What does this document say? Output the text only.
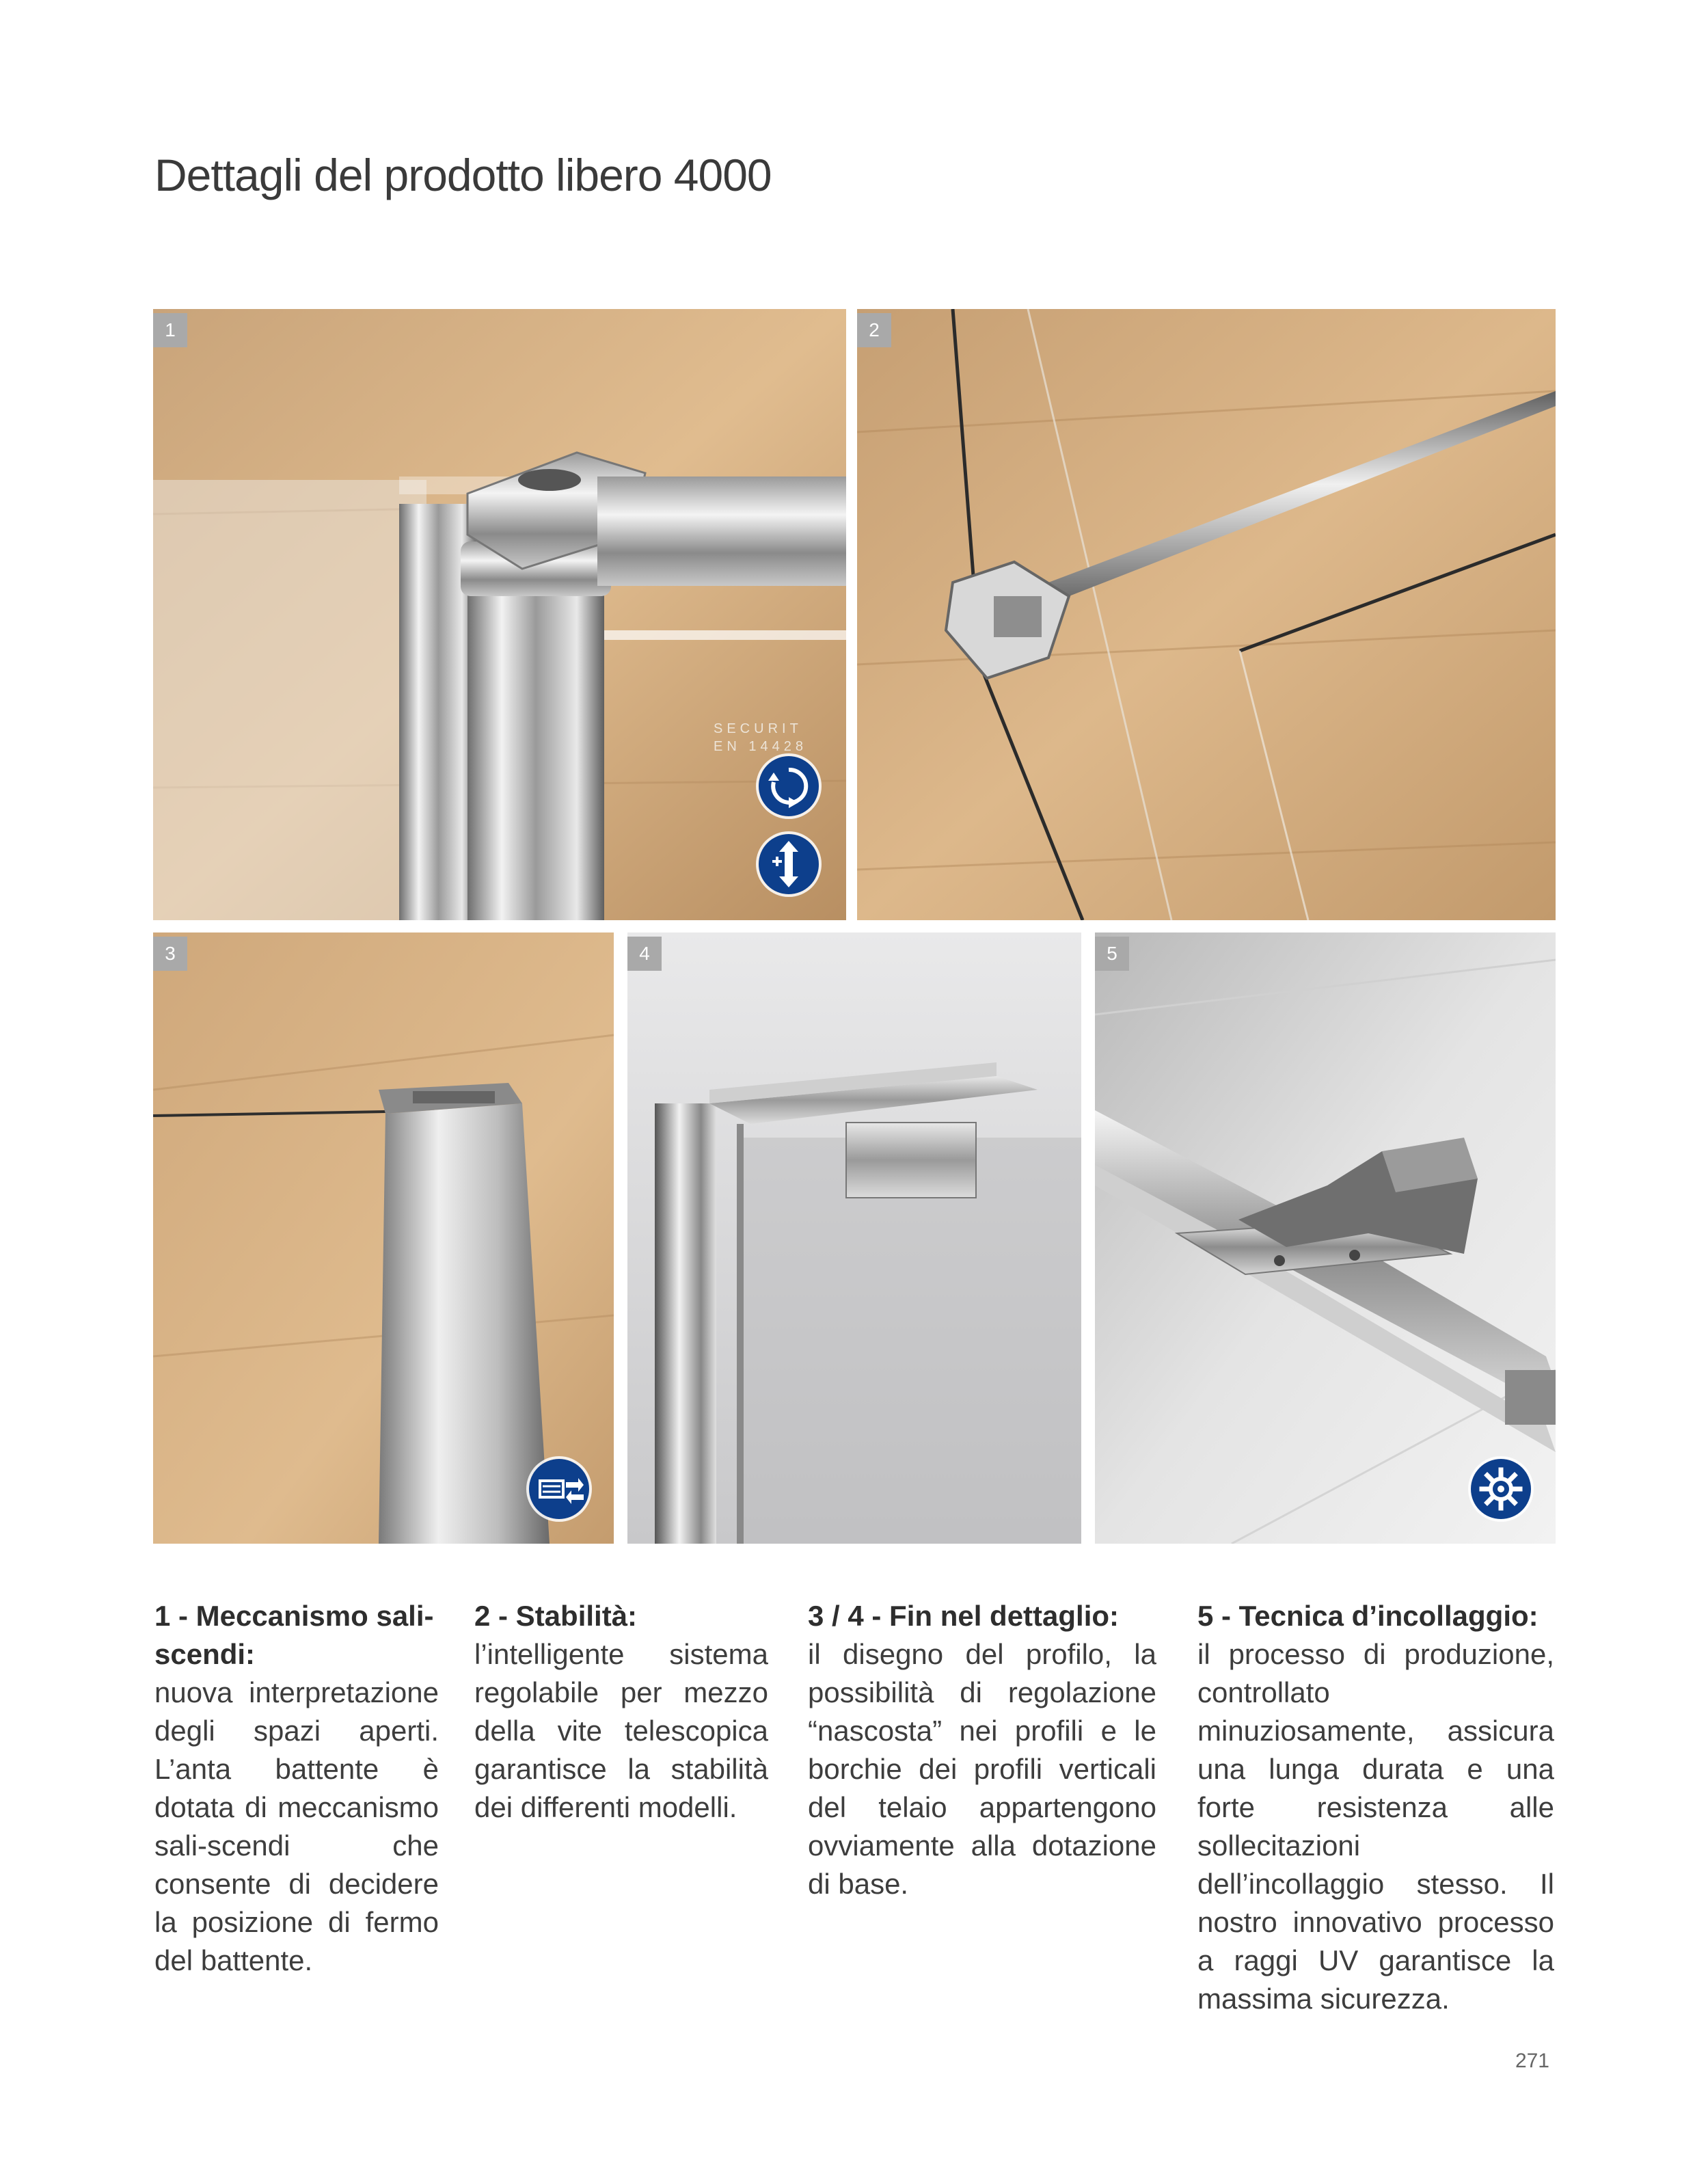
Dettagli del prodotto libero 4000
SECURIT
EN 14428
1	2
3	4	5
1 - Meccanismo sali-scendi:

nuova interpretazione degli spazi aperti. L’anta battente è dotata di meccanismo sali-scendi che consente di decidere la posizione di fermo del battente.

2 - Stabilità:

l’intelligente sistema regolabile per mezzo della vite telescopica garantisce la stabilità dei differenti modelli.

3 / 4 - Fin nel dettaglio:

il disegno del profilo, la possibilità di regolazione “nascosta” nei profili e le borchie dei profili verticali del telaio appartengono ovviamente alla dotazione di base.

5 - Tecnica d’incollaggio:

il processo di produzione, controllato minuziosamente, assicura una lunga durata e una forte resistenza alle sollecitazioni dell’incollaggio stesso. Il nostro innovativo processo a raggi UV garantisce la massima sicurezza.

271
